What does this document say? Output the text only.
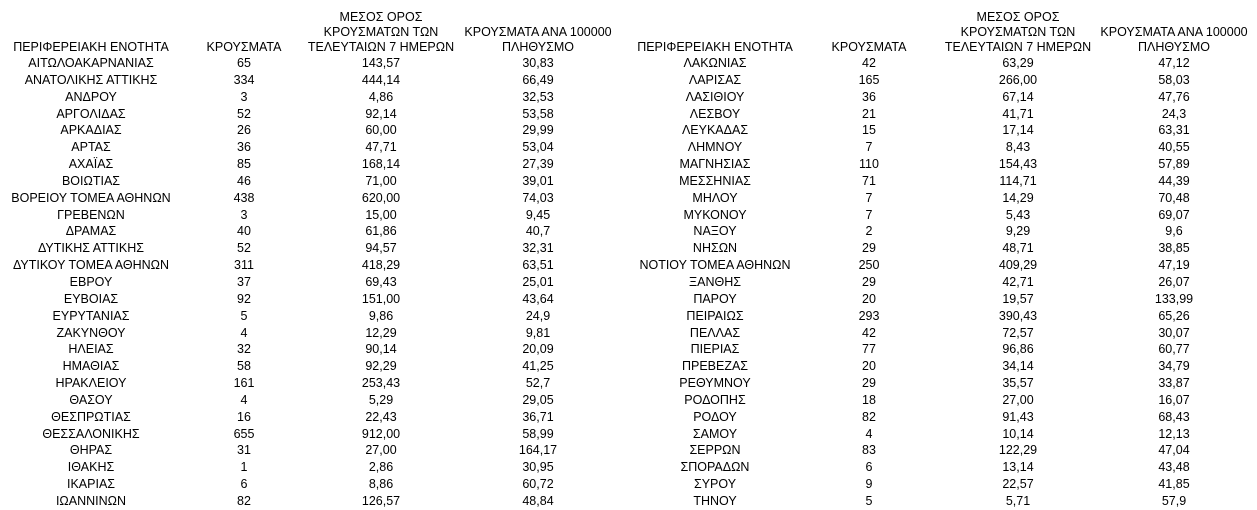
ΠΕΡΙΦΕΡΕΙΑΚΗ ΕΝΟΤΗΤΑ	ΚΡΟΥΣΜΑΤΑ	ΜΕΣΟΣ ΟΡΟΣ
ΚΡΟΥΣΜΑΤΩΝ ΤΩΝ
ΤΕΛΕΥΤΑΙΩΝ 7 ΗΜΕΡΩΝ	ΚΡΟΥΣΜΑΤΑ ΑΝΑ 100000
ΠΛΗΘΥΣΜΟ

ΑΙΤΩΛΟΑΚΑΡΝΑΝΙΑΣ	65	143,57	30,83
ΑΝΑΤΟΛΙΚΗΣ ΑΤΤΙΚΗΣ	334	444,14	66,49
ΑΝΔΡΟΥ	3	4,86	32,53
ΑΡΓΟΛΙΔΑΣ	52	92,14	53,58
ΑΡΚΑΔΙΑΣ	26	60,00	29,99
ΑΡΤΑΣ	36	47,71	53,04
ΑΧΑΪΑΣ	85	168,14	27,39
ΒΟΙΩΤΙΑΣ	46	71,00	39,01
ΒΟΡΕΙΟΥ ΤΟΜΕΑ ΑΘΗΝΩΝ	438	620,00	74,03
ΓΡΕΒΕΝΩΝ	3	15,00	9,45
ΔΡΑΜΑΣ	40	61,86	40,7
ΔΥΤΙΚΗΣ ΑΤΤΙΚΗΣ	52	94,57	32,31
ΔΥΤΙΚΟΥ ΤΟΜΕΑ ΑΘΗΝΩΝ	311	418,29	63,51
ΕΒΡΟΥ	37	69,43	25,01
ΕΥΒΟΙΑΣ	92	151,00	43,64
ΕΥΡΥΤΑΝΙΑΣ	5	9,86	24,9
ΖΑΚΥΝΘΟΥ	4	12,29	9,81
ΗΛΕΙΑΣ	32	90,14	20,09
ΗΜΑΘΙΑΣ	58	92,29	41,25
ΗΡΑΚΛΕΙΟΥ	161	253,43	52,7
ΘΑΣΟΥ	4	5,29	29,05
ΘΕΣΠΡΩΤΙΑΣ	16	22,43	36,71
ΘΕΣΣΑΛΟΝΙΚΗΣ	655	912,00	58,99
ΘΗΡΑΣ	31	27,00	164,17
ΙΘΑΚΗΣ	1	2,86	30,95
ΙΚΑΡΙΑΣ	6	8,86	60,72
ΙΩΑΝΝΙΝΩΝ	82	126,57	48,84
ΠΕΡΙΦΕΡΕΙΑΚΗ ΕΝΟΤΗΤΑ	ΚΡΟΥΣΜΑΤΑ	ΜΕΣΟΣ ΟΡΟΣ
ΚΡΟΥΣΜΑΤΩΝ ΤΩΝ
ΤΕΛΕΥΤΑΙΩΝ 7 ΗΜΕΡΩΝ	ΚΡΟΥΣΜΑΤΑ ΑΝΑ 100000
ΠΛΗΘΥΣΜΟ

ΛΑΚΩΝΙΑΣ	42	63,29	47,12
ΛΑΡΙΣΑΣ	165	266,00	58,03
ΛΑΣΙΘΙΟΥ	36	67,14	47,76
ΛΕΣΒΟΥ	21	41,71	24,3
ΛΕΥΚΑΔΑΣ	15	17,14	63,31
ΛΗΜΝΟΥ	7	8,43	40,55
ΜΑΓΝΗΣΙΑΣ	110	154,43	57,89
ΜΕΣΣΗΝΙΑΣ	71	114,71	44,39
ΜΗΛΟΥ	7	14,29	70,48
ΜΥΚΟΝΟΥ	7	5,43	69,07
ΝΑΞΟΥ	2	9,29	9,6
ΝΗΣΩΝ	29	48,71	38,85
ΝΟΤΙΟΥ ΤΟΜΕΑ ΑΘΗΝΩΝ	250	409,29	47,19
ΞΑΝΘΗΣ	29	42,71	26,07
ΠΑΡΟΥ	20	19,57	133,99
ΠΕΙΡΑΙΩΣ	293	390,43	65,26
ΠΕΛΛΑΣ	42	72,57	30,07
ΠΙΕΡΙΑΣ	77	96,86	60,77
ΠΡΕΒΕΖΑΣ	20	34,14	34,79
ΡΕΘΥΜΝΟΥ	29	35,57	33,87
ΡΟΔΟΠΗΣ	18	27,00	16,07
ΡΟΔΟΥ	82	91,43	68,43
ΣΑΜΟΥ	4	10,14	12,13
ΣΕΡΡΩΝ	83	122,29	47,04
ΣΠΟΡΑΔΩΝ	6	13,14	43,48
ΣΥΡΟΥ	9	22,57	41,85
ΤΗΝΟΥ	5	5,71	57,9
